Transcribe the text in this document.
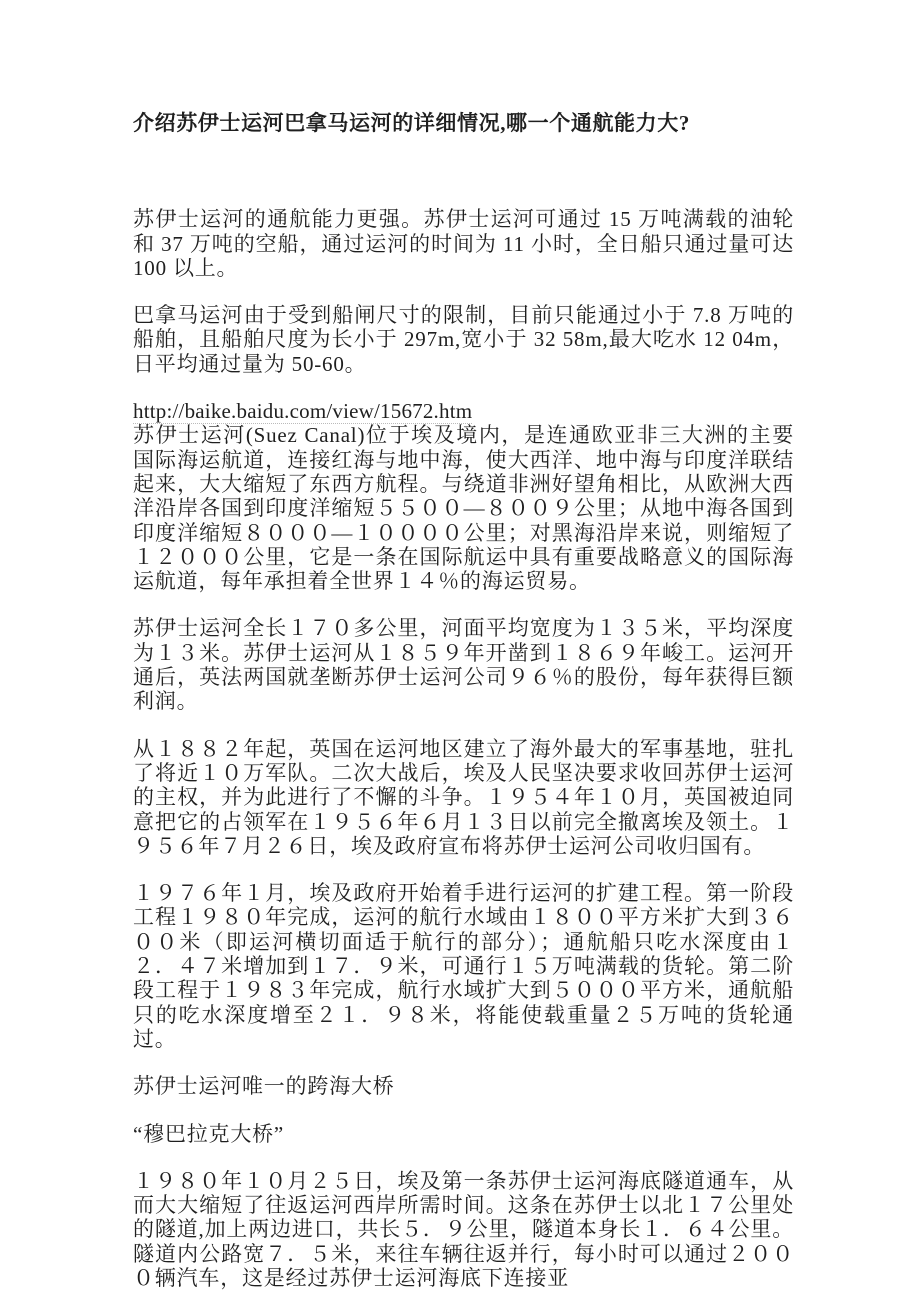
介绍苏伊士运河巴拿马运河的详细情况,哪一个通航能力大?

苏伊士运河的通航能力更强。苏伊士运河可通过 15 万吨满载的油轮和 37 万吨的空船，通过运河的时间为 11 小时，全日船只通过量可达 100 以上。

巴拿马运河由于受到船闸尺寸的限制，目前只能通过小于 7.8 万吨的船舶，且船舶尺度为长小于 297m,宽小于 32 58m,最大吃水 12 04m，日平均通过量为 50-60。

http://baike.baidu.com/view/15672.htm
苏伊士运河(Suez Canal)位于埃及境内，是连通欧亚非三大洲的主要国际海运航道，连接红海与地中海，使大西洋、地中海与印度洋联结起来，大大缩短了东西方航程。与绕道非洲好望角相比，从欧洲大西洋沿岸各国到印度洋缩短５５００—８００９公里；从地中海各国到印度洋缩短８０００—１００００公里；对黑海沿岸来说，则缩短了１２０００公里，它是一条在国际航运中具有重要战略意义的国际海运航道，每年承担着全世界１４％的海运贸易。

苏伊士运河全长１７０多公里，河面平均宽度为１３５米，平均深度为１３米。苏伊士运河从１８５９年开凿到１８６９年峻工。运河开通后，英法两国就垄断苏伊士运河公司９６％的股份，每年获得巨额利润。

从１８８２年起，英国在运河地区建立了海外最大的军事基地，驻扎了将近１０万军队。二次大战后，埃及人民坚决要求收回苏伊士运河的主权，并为此进行了不懈的斗争。１９５４年１０月，英国被迫同意把它的占领军在１９５６年６月１３日以前完全撤离埃及领土。１９５６年７月２６日，埃及政府宣布将苏伊士运河公司收归国有。

１９７６年１月，埃及政府开始着手进行运河的扩建工程。第一阶段工程１９８０年完成，运河的航行水域由１８００平方米扩大到３６００米（即运河横切面适于航行的部分）；通航船只吃水深度由１２．４７米增加到１７．９米，可通行１５万吨满载的货轮。第二阶段工程于１９８３年完成，航行水域扩大到５０００平方米，通航船只的吃水深度增至２１．９８米，将能使载重量２５万吨的货轮通过。

苏伊士运河唯一的跨海大桥

“穆巴拉克大桥”

１９８０年１０月２５日，埃及第一条苏伊士运河海底隧道通车，从而大大缩短了往返运河西岸所需时间。这条在苏伊士以北１７公里处的隧道,加上两边进口，共长５．９公里，隧道本身长１．６４公里。隧道内公路宽７．５米，来往车辆往返并行，每小时可以通过２０００辆汽车，这是经过苏伊士运河海底下连接亚
